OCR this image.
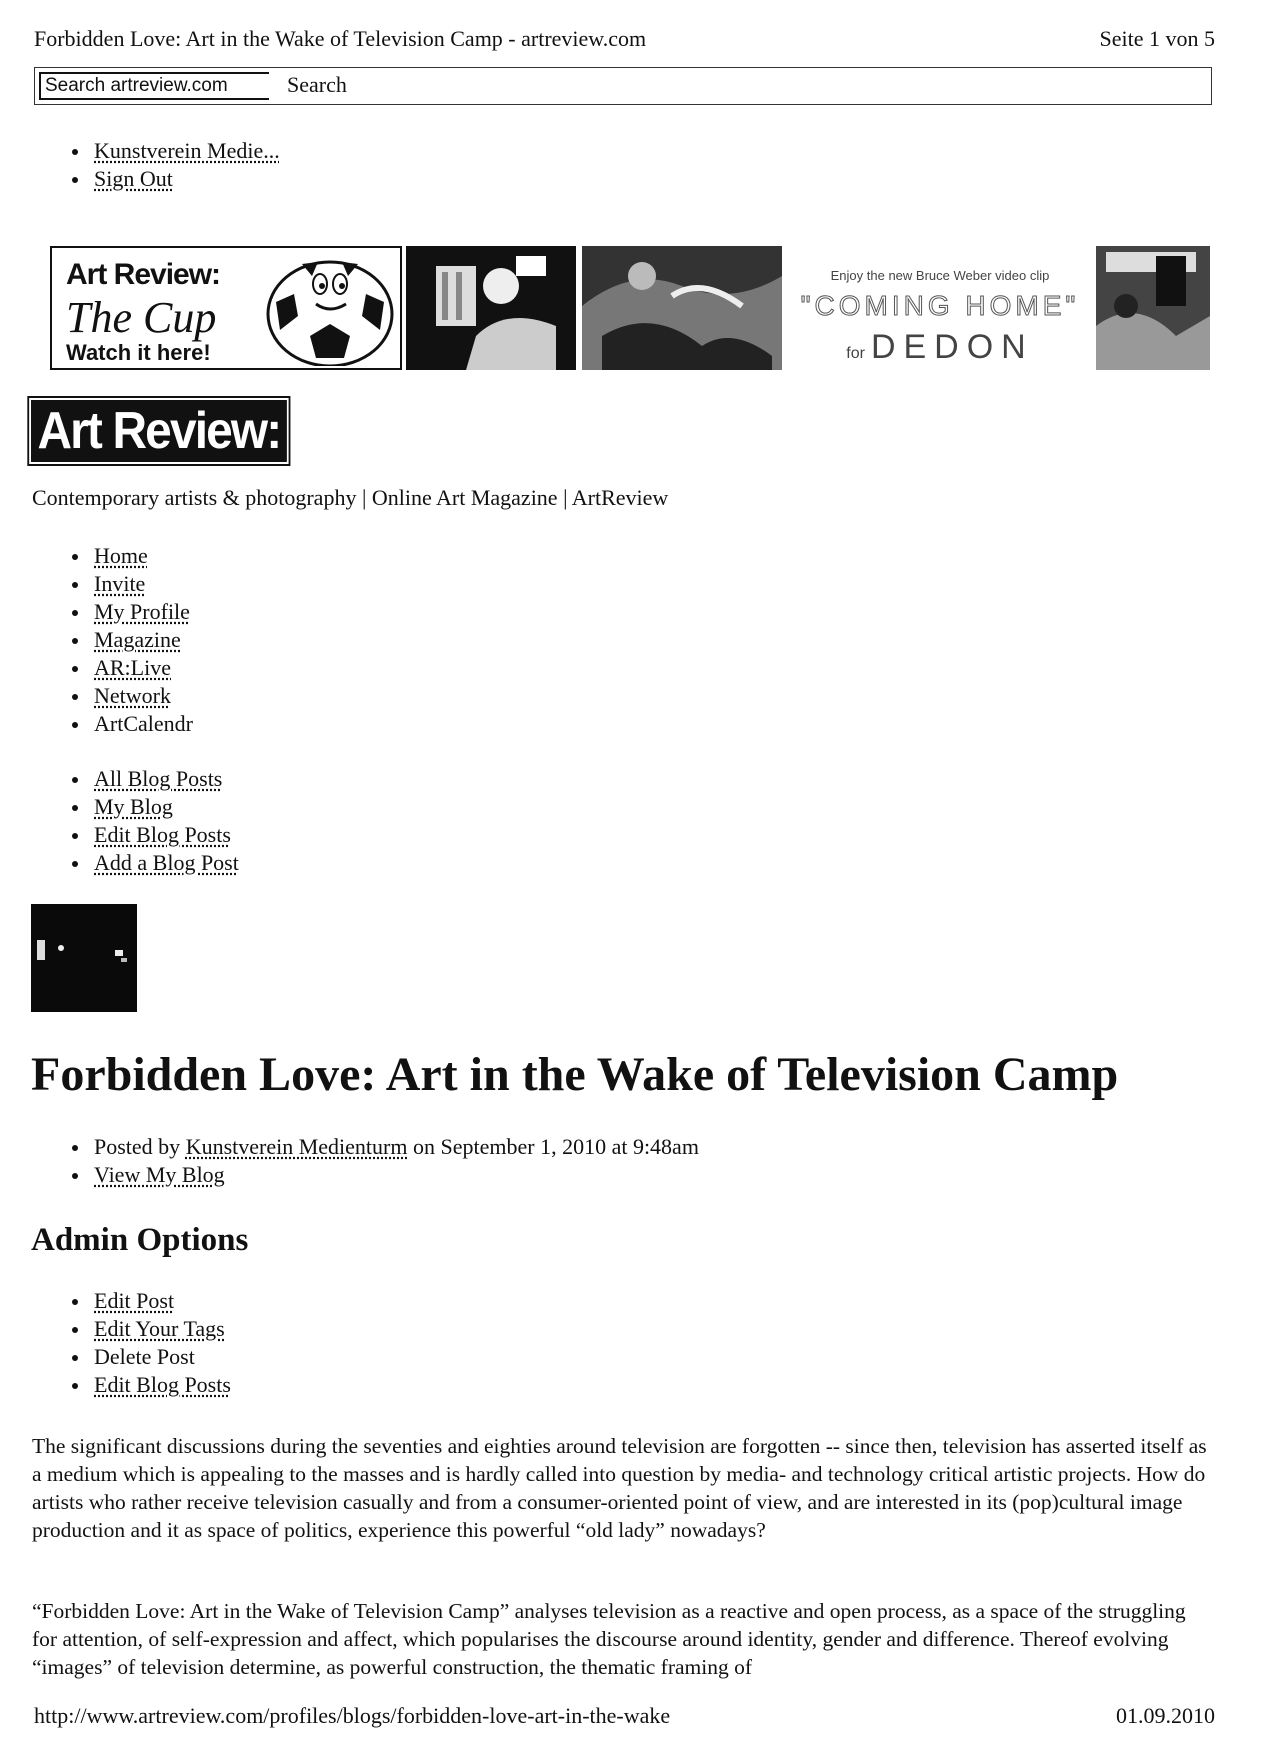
Forbidden Love: Art in the Wake of Television Camp - artreview.com	Seite 1 von 5
Search artreview.com
Search
Kunstverein Medie...
Sign Out
Art Review:
The Cup
Watch it here!
Enjoy the new Bruce Weber video clip
"COMING HOME"
for DEDON
Art Review:
Contemporary artists & photography | Online Art Magazine | ArtReview
Home
Invite
My Profile
Magazine
AR:Live
Network
ArtCalendr
All Blog Posts
My Blog
Edit Blog Posts
Add a Blog Post
Forbidden Love: Art in the Wake of Television Camp
Posted by Kunstverein Medienturm on September 1, 2010 at 9:48am
View My Blog
Admin Options
Edit Post
Edit Your Tags
Delete Post
Edit Blog Posts

The significant discussions during the seventies and eighties around television are forgotten -- since then, television has asserted itself as a medium which is appealing to the masses and is hardly called into question by media- and technology critical artistic projects. How do artists who rather receive television casually and from a consumer-oriented point of view, and are interested in its (pop)cultural image production and it as space of politics, experience this powerful “old lady” nowadays?

“Forbidden Love: Art in the Wake of Television Camp” analyses television as a reactive and open process, as a space of the struggling for attention, of self-expression and affect, which popularises the discourse around identity, gender and difference. Thereof evolving “images” of television determine, as powerful construction, the thematic framing of

http://www.artreview.com/profiles/blogs/forbidden-love-art-in-the-wake	01.09.2010
